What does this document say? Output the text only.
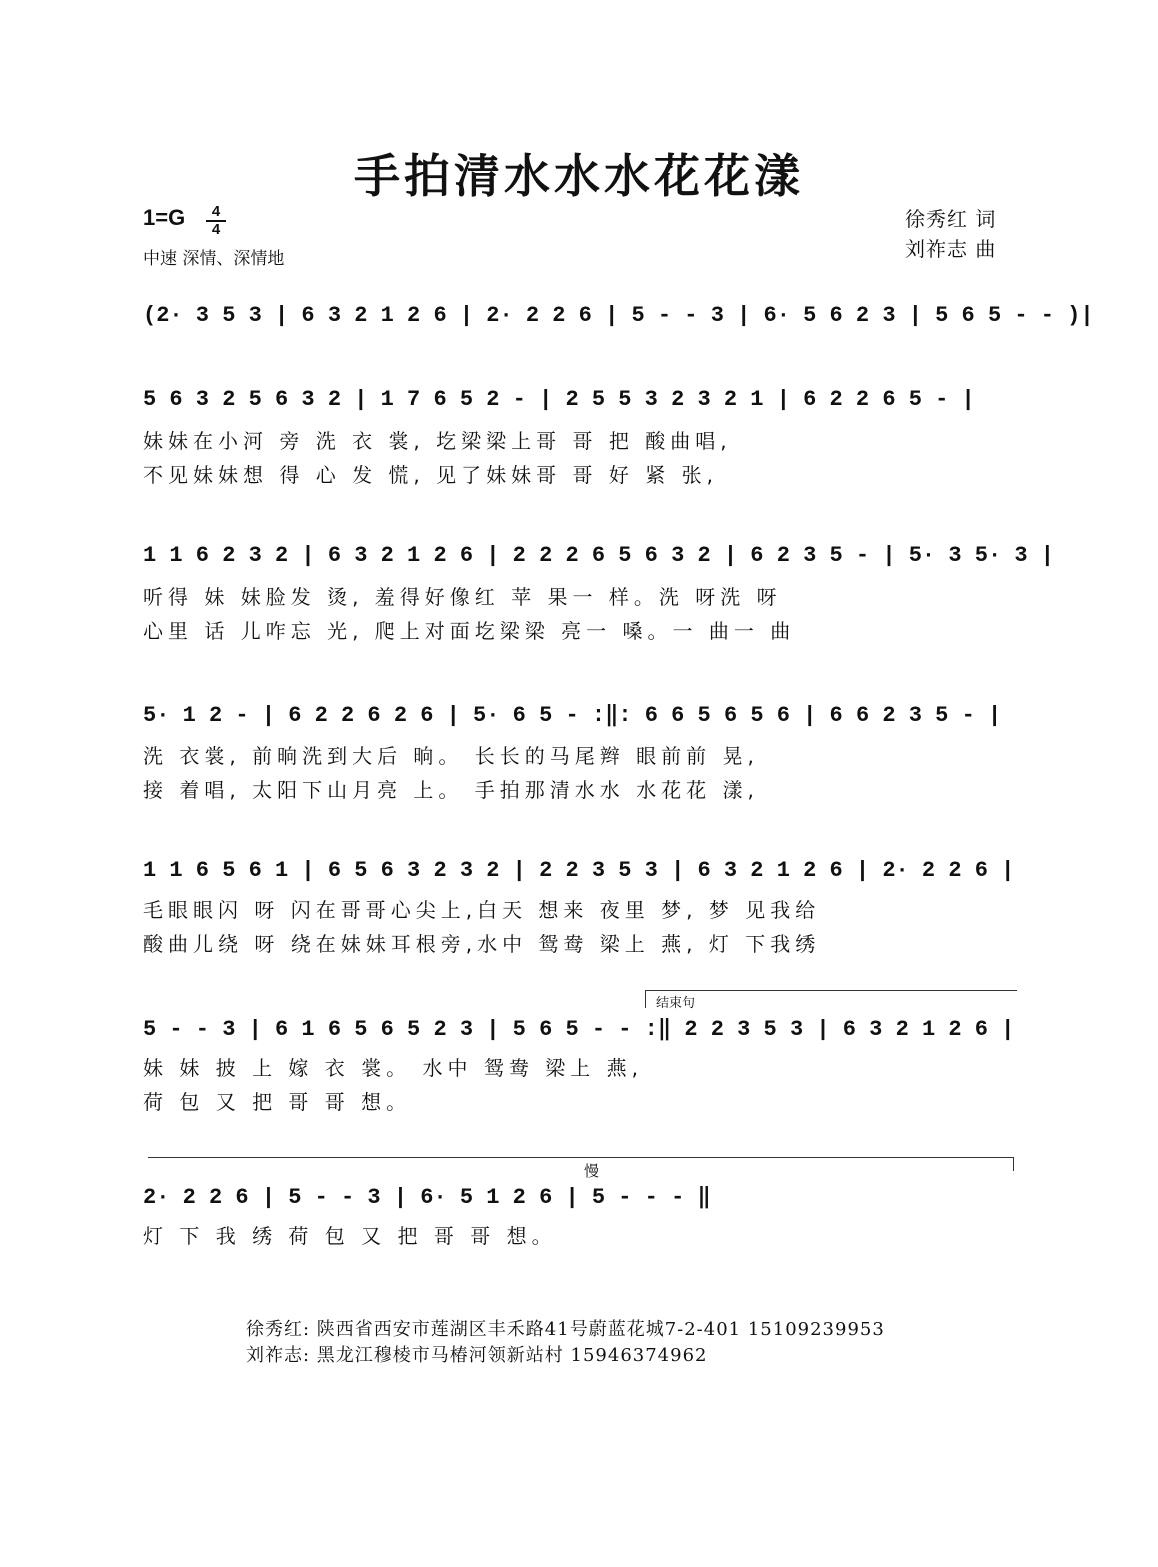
手拍清水水水花花漾
1=G	4
4
中速 深情、深情地
徐秀红 词
刘祚志 曲
(2· 3 5 3 | 6 3 2 1 2 6 | 2· 2 2 6 | 5 - - 3 | 6· 5 6 2 3 | 5 6 5 - - )|
5 6 3 2 5 6 3 2 | 1 7 6 5 2 - | 2 5 5 3 2 3 2 1 | 6 2 2 6 5 - |
妹妹在小河 旁 洗 衣 裳, 圪梁梁上哥 哥 把 酸曲唱,
不见妹妹想 得 心 发 慌, 见了妹妹哥 哥 好 紧 张,
1 1 6 2 3 2 | 6 3 2 1 2 6 | 2 2 2 6 5 6 3 2 | 6 2 3 5 - | 5· 3 5· 3 |
听得 妹 妹脸发 烫, 羞得好像红 苹 果一 样。洗 呀洗 呀
心里 话 儿咋忘 光, 爬上对面圪梁梁 亮一 嗓。一 曲一 曲
5· 1 2 - | 6 2 2 6 2 6 | 5· 6 5 - :‖: 6 6 5 6 5 6 | 6 6 2 3 5 - |
洗 衣裳, 前晌洗到大后 晌。 长长的马尾辫 眼前前 晃,
接 着唱, 太阳下山月亮 上。 手拍那清水水 水花花 漾,
1 1 6 5 6 1 | 6 5 6 3 2 3 2 | 2 2 3 5 3 | 6 3 2 1 2 6 | 2· 2 2 6 |
毛眼眼闪 呀 闪在哥哥心尖上,白天 想来 夜里 梦, 梦 见我给
酸曲儿绕 呀 绕在妹妹耳根旁,水中 鸳鸯 梁上 燕, 灯 下我绣
结束句
5 - - 3 | 6 1 6 5 6 5 2 3 | 5 6 5 - - :‖ 2 2 3 5 3 | 6 3 2 1 2 6 |
妹 妹 披 上 嫁 衣 裳。 水中 鸳鸯 梁上 燕,
荷 包 又 把 哥 哥 想。
慢
2· 2 2 6 | 5 - - 3 | 6· 5 1 2 6 | 5 - - - ‖
灯 下 我 绣 荷 包 又 把 哥 哥 想。
徐秀红: 陕西省西安市莲湖区丰禾路41号蔚蓝花城7-2-401 15109239953
刘祚志: 黑龙江穆棱市马椿河领新站村 15946374962
